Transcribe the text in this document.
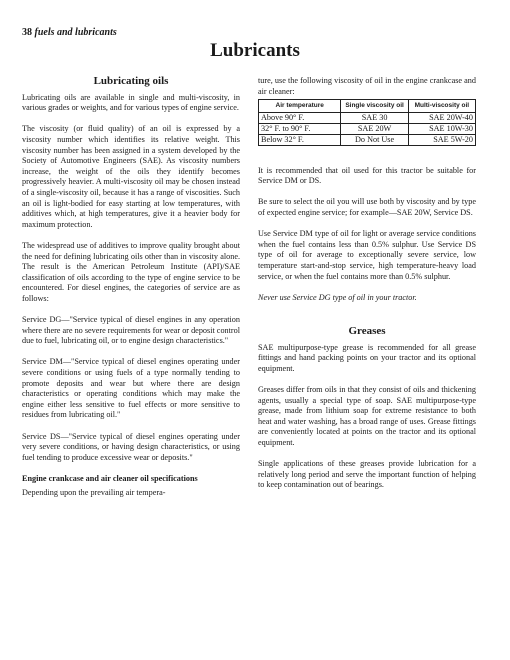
38 fuels and lubricants
Lubricants
Lubricating oils

Lubricating oils are available in single and multi-viscosity, in various grades or weights, and for various types of engine service.

The viscosity (or fluid quality) of an oil is expressed by a viscosity number which identifies its relative weight. This viscosity number has been assigned in a system developed by the Society of Automotive Engineers (SAE). As viscosity numbers increase, the weight of the oils they identify becomes progressively heavier. A multi-viscosity oil may be chosen instead of a single-viscosity oil, because it has a range of viscosities. Such an oil is light-bodied for easy starting at low temperatures, with additives which, at high temperatures, give it a heavier body for maximum protection.

The widespread use of additives to improve quality brought about the need for defining lubricating oils other than in viscosity alone. The result is the American Petroleum Institute (API)/SAE classification of oils according to the type of engine service to be encountered. For diesel engines, the categories of service are as follows:

Service DG—"Service typical of diesel engines in any operation where there are no severe requirements for wear or deposit control due to fuel, lubricating oil, or to engine design characteristics."

Service DM—"Service typical of diesel engines operating under severe conditions or using fuels of a type normally tending to promote deposits and wear but where there are design characteristics or operating conditions which may make the engine either less sensitive to fuel effects or more sensitive to residues from lubricating oil."

Service DS—"Service typical of diesel engines operating under very severe conditions, or having design characteristics, or using fuel tending to produce excessive wear or deposits."

Engine crankcase and air cleaner oil specifications

Depending upon the prevailing air tempera-

ture, use the following viscosity of oil in the engine crankcase and air cleaner:

Air temperature	Single viscosity oil	Multi-viscosity oil
Above 90° F.	SAE 30	SAE 20W-40
32° F. to 90° F.	SAE 20W	SAE 10W-30
Below 32° F.	Do Not Use	SAE 5W-20

It is recommended that oil used for this tractor be suitable for Service DM or DS.

Be sure to select the oil you will use both by viscosity and by type of expected engine service; for example—SAE 20W, Service DS.

Use Service DM type of oil for light or average service conditions when the fuel contains less than 0.5% sulphur. Use Service DS type of oil for average to exceptionally severe service, low temperature start-and-stop service, high temperature-heavy load service, or when the fuel contains more than 0.5% sulphur.

Never use Service DG type of oil in your tractor.

Greases

SAE multipurpose-type grease is recommended for all grease fittings and hand packing points on your tractor and its optional equipment.

Greases differ from oils in that they consist of oils and thickening agents, usually a special type of soap. SAE multipurpose-type grease, made from lithium soap for extreme resistance to both heat and water washing, has a broad range of uses. Grease fittings are conveniently located at points on the tractor and its optional equipment.

Single applications of these greases provide lubrication for a relatively long period and serve the important function of helping to keep contamination out of bearings.
